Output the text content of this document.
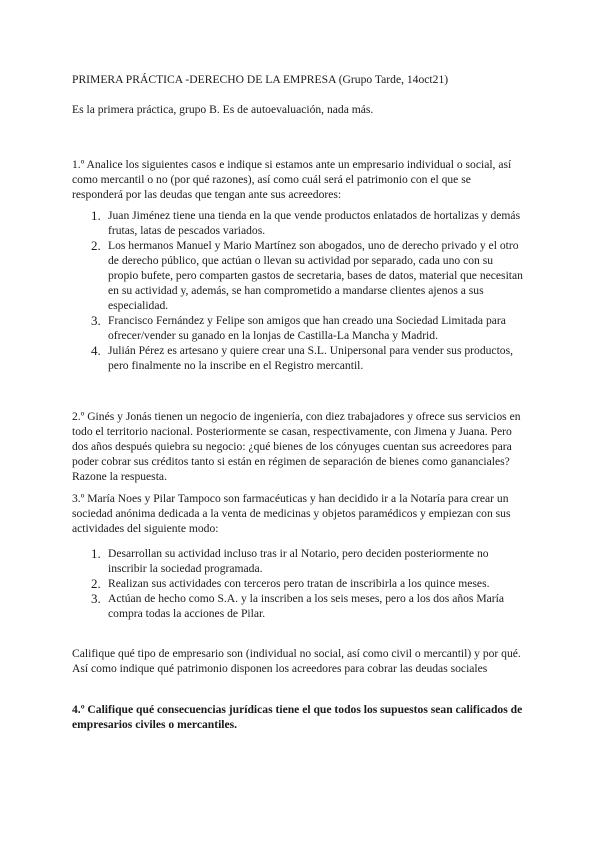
PRIMERA PRÁCTICA -DERECHO DE LA EMPRESA (Grupo Tarde, 14oct21)

Es la primera práctica, grupo B. Es de autoevaluación, nada más.

1.º Analice los siguientes casos e indique si estamos ante un empresario individual o social, así como mercantil o no (por qué razones), así como cuál será el patrimonio con el que se responderá por las deudas que tengan ante sus acreedores:

1. Juan Jiménez tiene una tienda en la que vende productos enlatados de hortalizas y demás frutas, latas de pescados variados.
2. Los hermanos Manuel y Mario Martínez son abogados, uno de derecho privado y el otro de derecho público, que actúan o llevan su actividad por separado, cada uno con su propio bufete, pero comparten gastos de secretaria, bases de datos, material que necesitan en su actividad y, además, se han comprometido a mandarse clientes ajenos a sus especialidad.
3. Francisco Fernández y Felipe son amigos que han creado una Sociedad Limitada para ofrecer/vender su ganado en la lonjas de Castilla-La Mancha y Madrid.
4. Julián Pérez es artesano y quiere crear una S.L. Unipersonal para vender sus productos, pero finalmente no la inscribe en el Registro mercantil.

2.º Ginés y Jonás tienen un negocio de ingeniería, con diez trabajadores y ofrece sus servicios en todo el territorio nacional. Posteriormente se casan, respectivamente, con Jimena y Juana. Pero dos años después quiebra su negocio: ¿qué bienes de los cónyuges cuentan sus acreedores para poder cobrar sus créditos tanto si están en régimen de separación de bienes como gananciales? Razone la respuesta.

3.º María Noes y Pilar Tampoco son farmacéuticas y han decidido ir a la Notaría para crear un sociedad anónima dedicada a la venta de medicinas y objetos paramédicos y empiezan con sus actividades del siguiente modo:

1. Desarrollan su actividad incluso tras ir al Notario, pero deciden posteriormente no inscribir la sociedad programada.
2. Realizan sus actividades con terceros pero tratan de inscribirla a los quince meses.
3. Actúan de hecho como S.A. y la inscriben a los seis meses, pero a los dos años María compra todas la acciones de Pilar.

Califique qué tipo de empresario son (individual no social, así como civil o mercantil) y por qué. Así como indique qué patrimonio disponen los acreedores para cobrar las deudas sociales

4.º Califique qué consecuencias jurídicas tiene el que todos los supuestos sean calificados de empresarios civiles o mercantiles.
